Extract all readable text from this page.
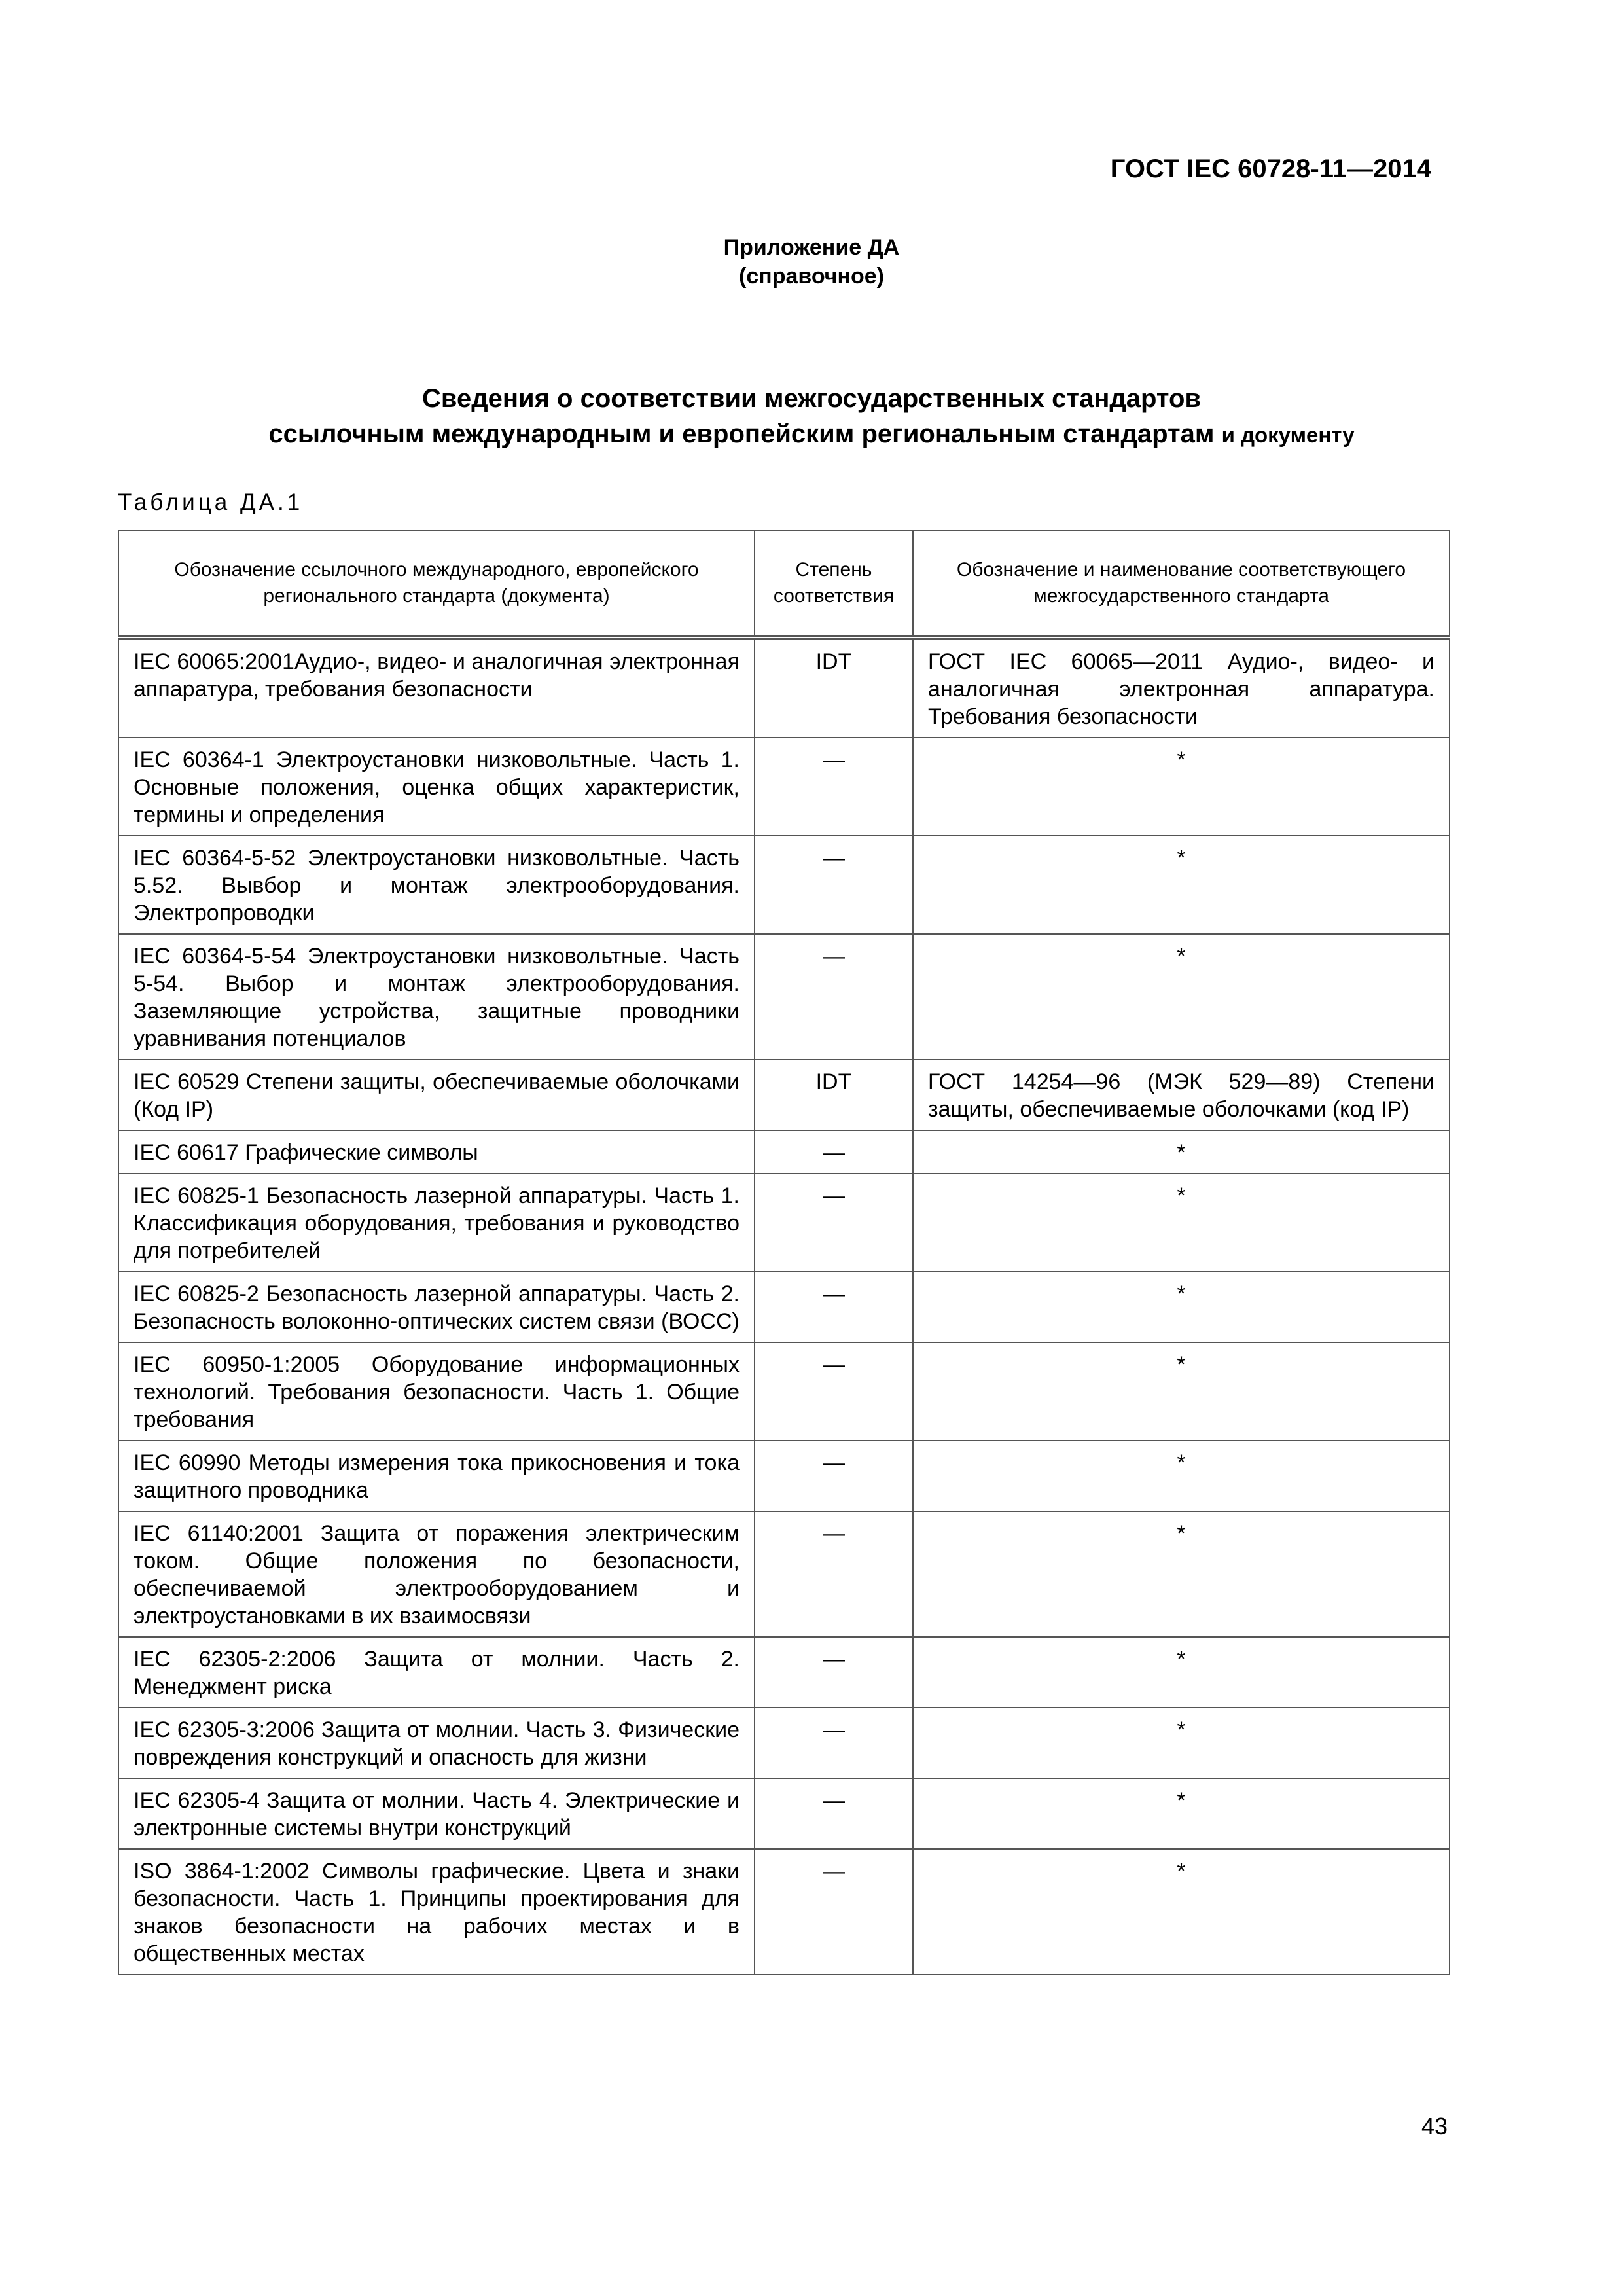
ГОСТ IEC 60728-11—2014
Приложение ДА
(справочное)
Сведения о соответствии межгосударственных стандартов
ссылочным международным и европейским региональным стандартам и документу
Таблица ДА.1
Обозначение ссылочного международного, европейского регионального стандарта (документа)	Степень соответствия	Обозначение и наименование соответствующего межгосударственного стандарта
IEC 60065:2001Аудио-, видео- и аналогичная электронная аппаратура, требования безопасности	IDT	ГОСТ IEC 60065—2011 Аудио-, видео- и аналогичная электронная аппаратура. Требования безопасности
IEC 60364-1 Электроустановки низковольтные. Часть 1. Основные положения, оценка общих характеристик, термины и определения	—	*
IEC 60364-5-52 Электроустановки низковольтные. Часть 5.52. Вывбор и монтаж электрооборудования. Электропроводки	—	*
IEC 60364-5-54 Электроустановки низковольтные. Часть 5-54. Выбор и монтаж электрооборудования. Заземляющие устройства, защитные проводники уравнивания потенциалов	—	*
IEC 60529 Степени защиты, обеспечиваемые оболочками (Код IP)	IDT	ГОСТ 14254—96 (МЭК 529—89) Степени защиты, обеспечиваемые оболочками (код IP)
IEC 60617 Графические символы	—	*
IEC 60825-1 Безопасность лазерной аппаратуры. Часть 1. Классификация оборудования, требования и руководство для потребителей	—	*
IEC 60825-2 Безопасность лазерной аппаратуры. Часть 2. Безопасность волоконно-оптических систем связи (ВОСС)	—	*
IEC 60950-1:2005 Оборудование информационных технологий. Требования безопасности. Часть 1. Общие требования	—	*
IEC 60990 Методы измерения тока прикосновения и тока защитного проводника	—	*
IEC 61140:2001 Защита от поражения электрическим током. Общие положения по безопасности, обеспечиваемой электрооборудованием и электроустановками в их взаимосвязи	—	*
IEC 62305-2:2006 Защита от молнии. Часть 2. Менеджмент риска	—	*
IEC 62305-3:2006 Защита от молнии. Часть 3. Физические повреждения конструкций и опасность для жизни	—	*
IEC 62305-4 Защита от молнии. Часть 4. Электрические и электронные системы внутри конструкций	—	*
ISO 3864-1:2002 Символы графические. Цвета и знаки безопасности. Часть 1. Принципы проектирования для знаков безопасности на рабочих местах и в общественных местах	—	*
43
